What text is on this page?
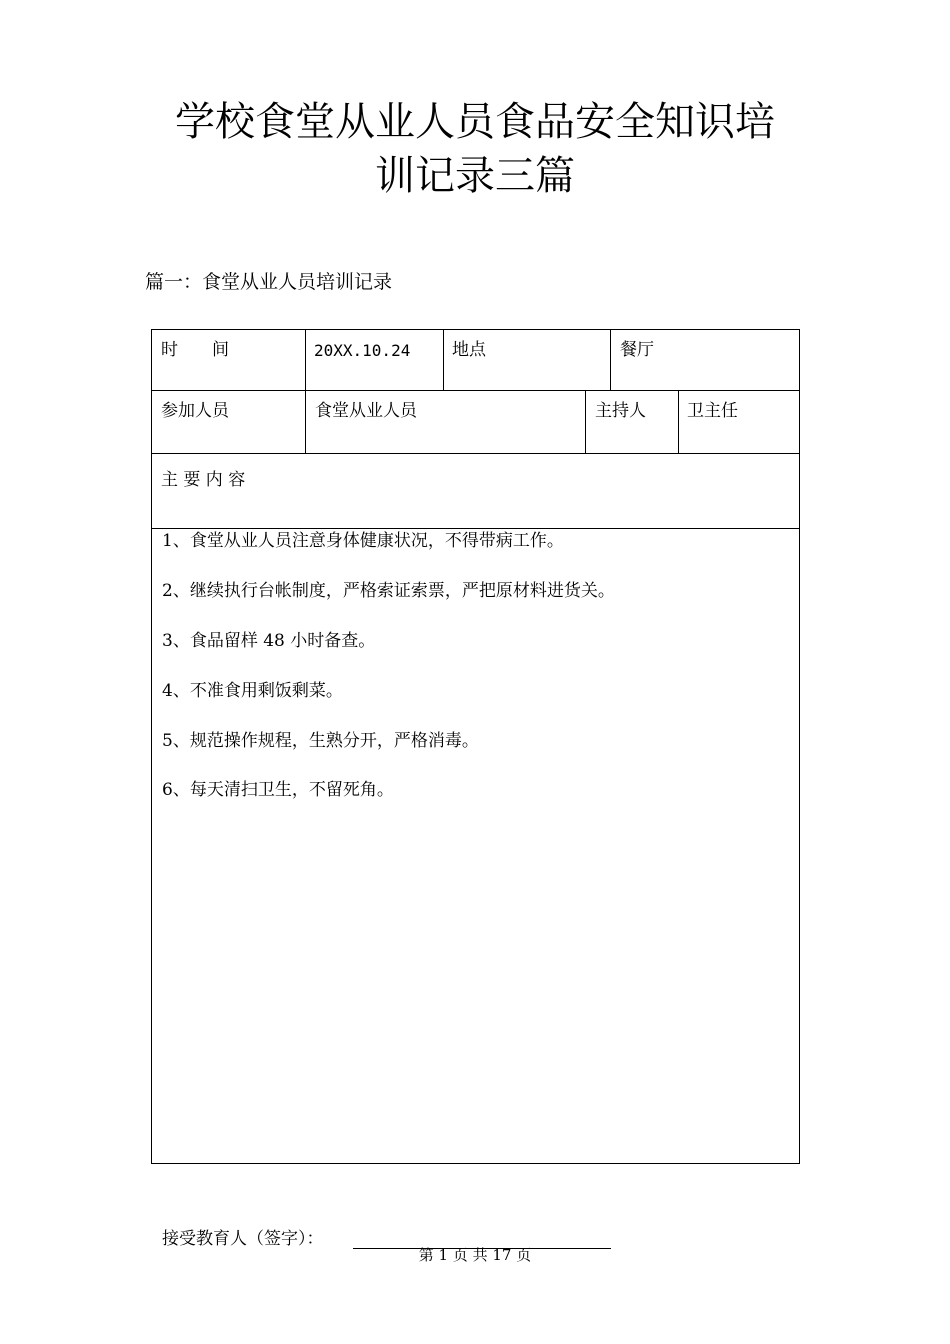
学校食堂从业人员食品安全知识培
训记录三篇
篇一：食堂从业人员培训记录
时　　间	20XX.10.24 地点	餐厅
参加人员	食堂从业人员	主持人 卫主任
主 要 内 容
1、食堂从业人员注意身体健康状况，不得带病工作。
2、继续执行台帐制度，严格索证索票，严把原材料进货关。
3、食品留样 48 小时备查。
4、不准食用剩饭剩菜。
5、规范操作规程，生熟分开，严格消毒。
6、每天清扫卫生，不留死角。
接受教育人（签字）：
第 1 页 共 17 页
